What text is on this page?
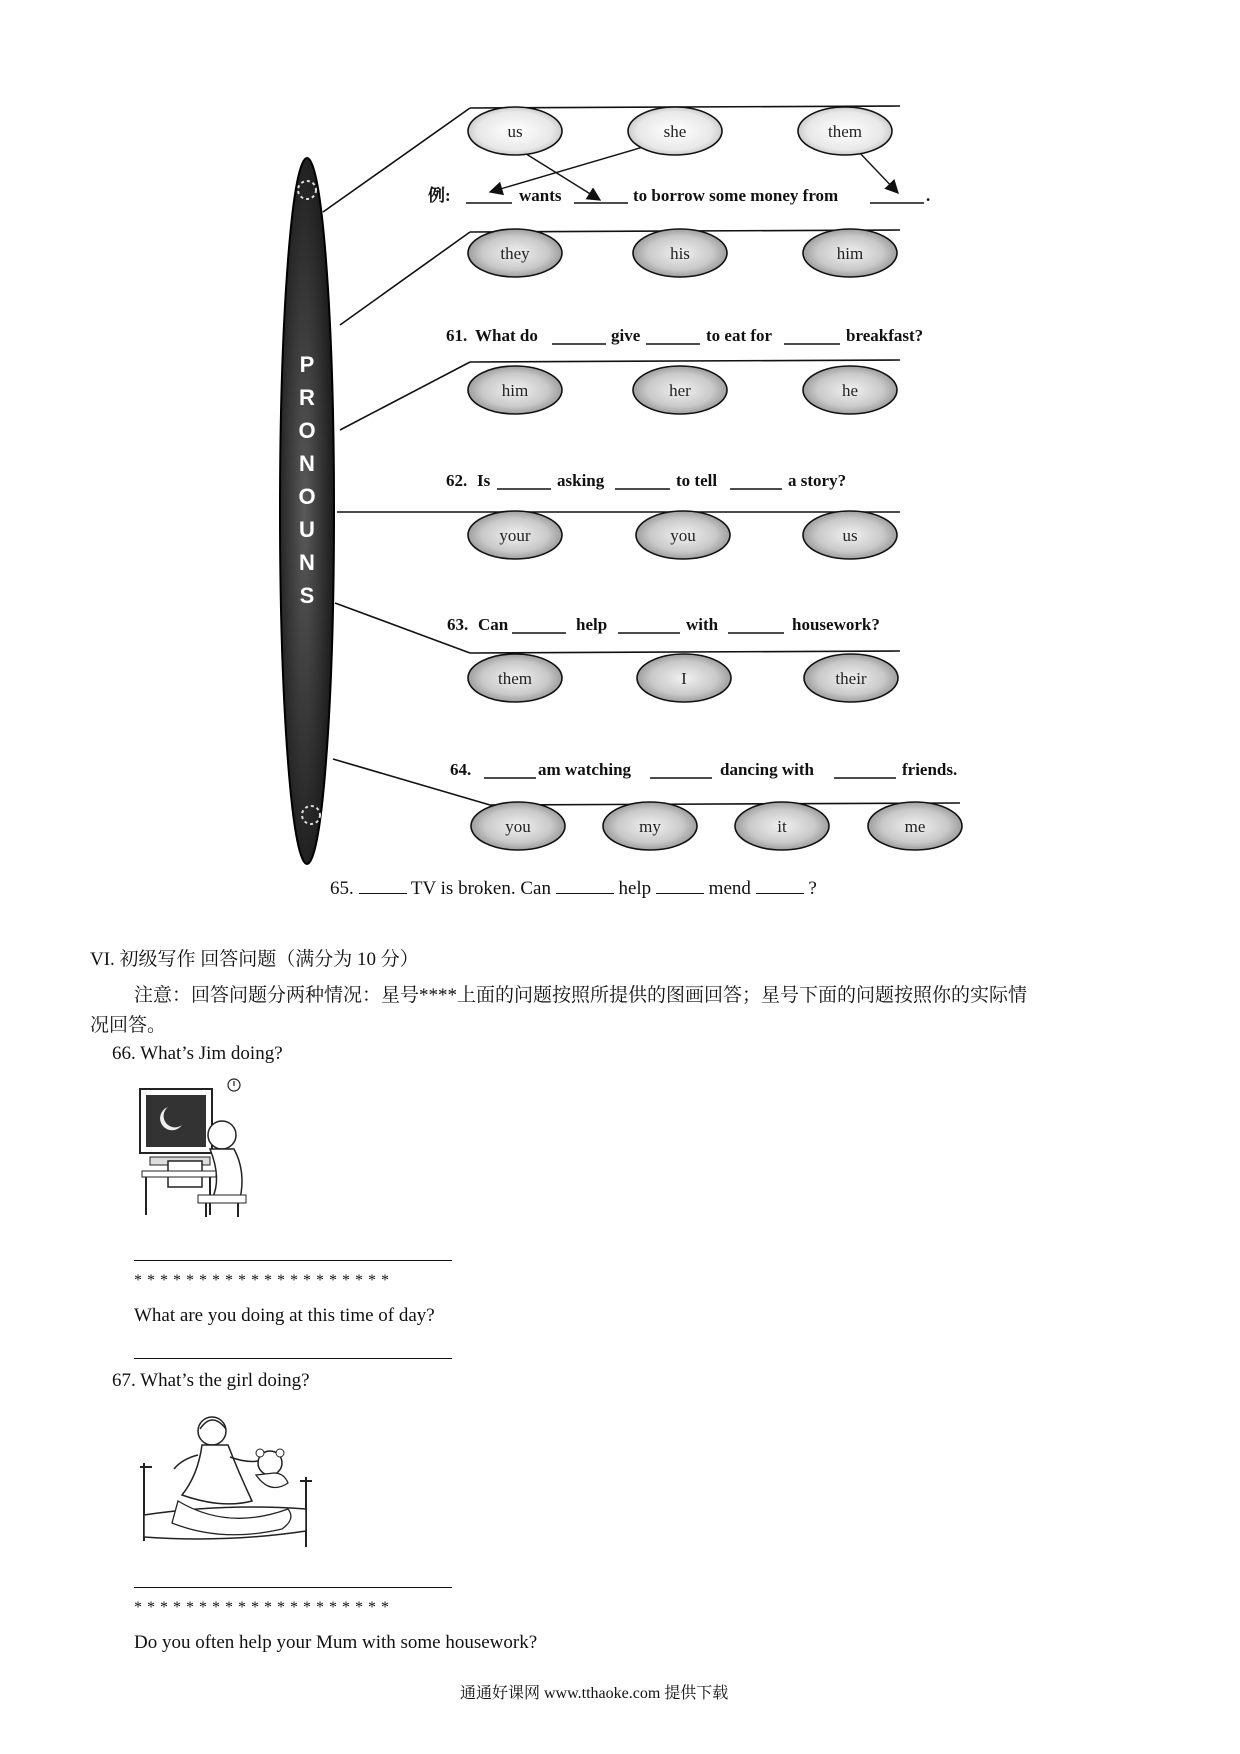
P
R
O
N
O
U
N
S
例:	wants	to borrow some money from	.
61. What do	give	to eat for	breakfast?
62. Is	asking	to tell	a story?
63. Can	help	with	housework?
64.	am watching	dancing with	friends.
us	she	them
they	his	him
him	her	he
your	you	us
them	I	their
you	my	it	me
65.	TV is broken. Can	help	mend	?
VI. 初级写作 回答问题（满分为 10 分）
注意：回答问题分两种情况：星号****上面的问题按照所提供的图画回答；星号下面的问题按照你的实际情
况回答。
66. What’s Jim doing?
********************
What are you doing at this time of day?
67. What’s the girl doing?
********************
Do you often help your Mum with some housework?
通通好课网 www.tthaoke.com 提供下载
